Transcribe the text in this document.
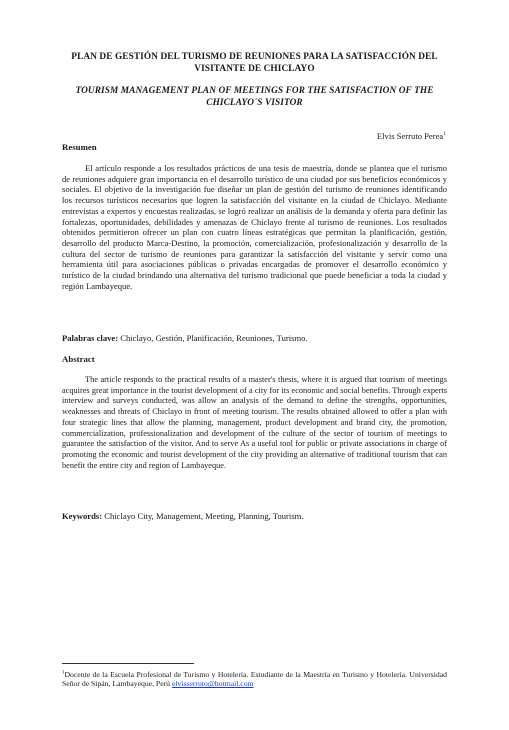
PLAN DE GESTIÓN DEL TURISMO DE REUNIONES PARA LA SATISFACCIÓN DEL VISITANTE DE CHICLAYO
TOURISM MANAGEMENT PLAN OF MEETINGS FOR THE SATISFACTION OF THE CHICLAYO´S VISITOR
Elvis Serruto Perea$^1$
Resumen

El artículo responde a los resultados prácticos de una tesis de maestría, donde se plantea que el turismo de reuniones adquiere gran importancia en el desarrollo turístico de una ciudad por sus beneficios económicos y sociales. El objetivo de la investigación fue diseñar un plan de gestión del turismo de reuniones identificando los recursos turísticos necesarios que logren la satisfacción del visitante en la ciudad de Chiclayo. Mediante entrevistas a expertos y encuestas realizadas, se logró realizar un análisis de la demanda y oferta para definir las fortalezas, oportunidades, debilidades y amenazas de Chiclayo frente al turismo de reuniones. Los resultados obtenidos permitieron ofrecer un plan con cuatro líneas estratégicas que permitan la planificación, gestión, desarrollo del producto Marca-Destino, la promoción, comercialización, profesionalización y desarrollo de la cultura del sector de turismo de reuniones para garantizar la satisfacción del visitante y servir como una herramienta útil para asociaciones públicas o privadas encargadas de promover el desarrollo económico y turístico de la ciudad brindando una alternativa del turismo tradicional que puede beneficiar a toda la ciudad y región Lambayeque.

Palabras clave: Chiclayo, Gestión, Planificación, Reuniones, Turismo.
Abstract

The article responds to the practical results of a master's thesis, where it is argued that tourism of meetings acquires great importance in the tourist development of a city for its economic and social benefits. Through experts interview and surveys conducted, was allow an analysis of the demand to define the strengths, opportunities, weaknesses and threats of Chiclayo in front of meeting tourism. The results obtained allowed to offer a plan with four strategic lines that allow the planning, management, product development and brand city, the promotion, commercialization, professionalization and development of the culture of the sector of tourism of meetings to guarantee the satisfaction of the visitor. And to serve As a useful tool for public or private associations in charge of promoting the economic and tourist development of the city providing an alternative of traditional tourism that can benefit the entire city and region of Lambayeque.

Keywords: Chiclayo City, Management, Meeting, Planning, Tourism.
$^1$Docente de la Escuela Profesional de Turismo y Hotelería. Estudiante de la Maestría en Turismo y Hotelería. Universidad Señor de Sipán, Lambayeque, Perú elvisserruto@hotmail.com
